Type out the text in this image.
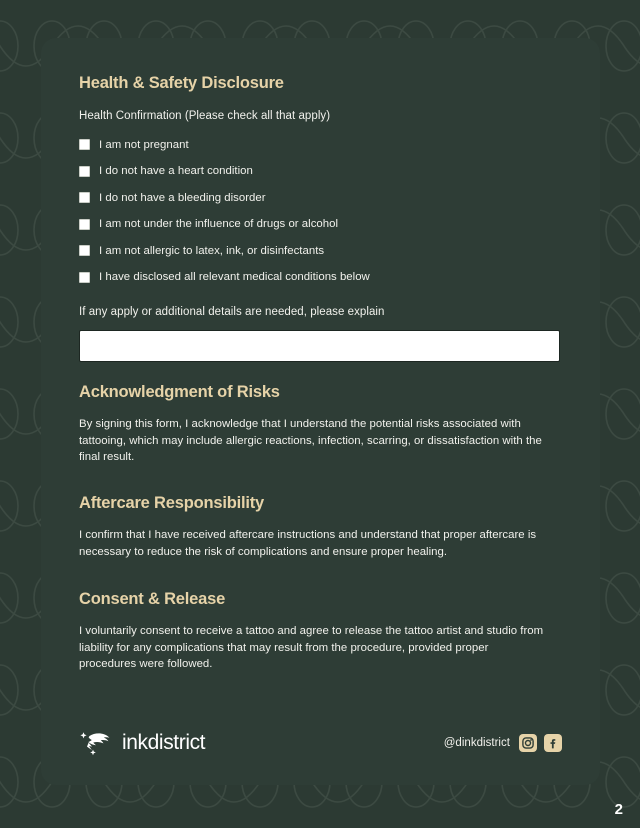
Health & Safety Disclosure
Health Confirmation (Please check all that apply)
I am not pregnant
I do not have a heart condition
I do not have a bleeding disorder
I am not under the influence of drugs or alcohol
I am not allergic to latex, ink, or disinfectants
I have disclosed all relevant medical conditions below
If any apply or additional details are needed, please explain
Acknowledgment of Risks
By signing this form, I acknowledge that I understand the potential risks associated with tattooing, which may include allergic reactions, infection, scarring, or dissatisfaction with the final result.
Aftercare Responsibility
I confirm that I have received aftercare instructions and understand that proper aftercare is necessary to reduce the risk of complications and ensure proper healing.
Consent & Release
I voluntarily consent to receive a tattoo and agree to release the tattoo artist and studio from liability for any complications that may result from the procedure, provided proper procedures were followed.
inkdistrict	@dinkdistrict
2
